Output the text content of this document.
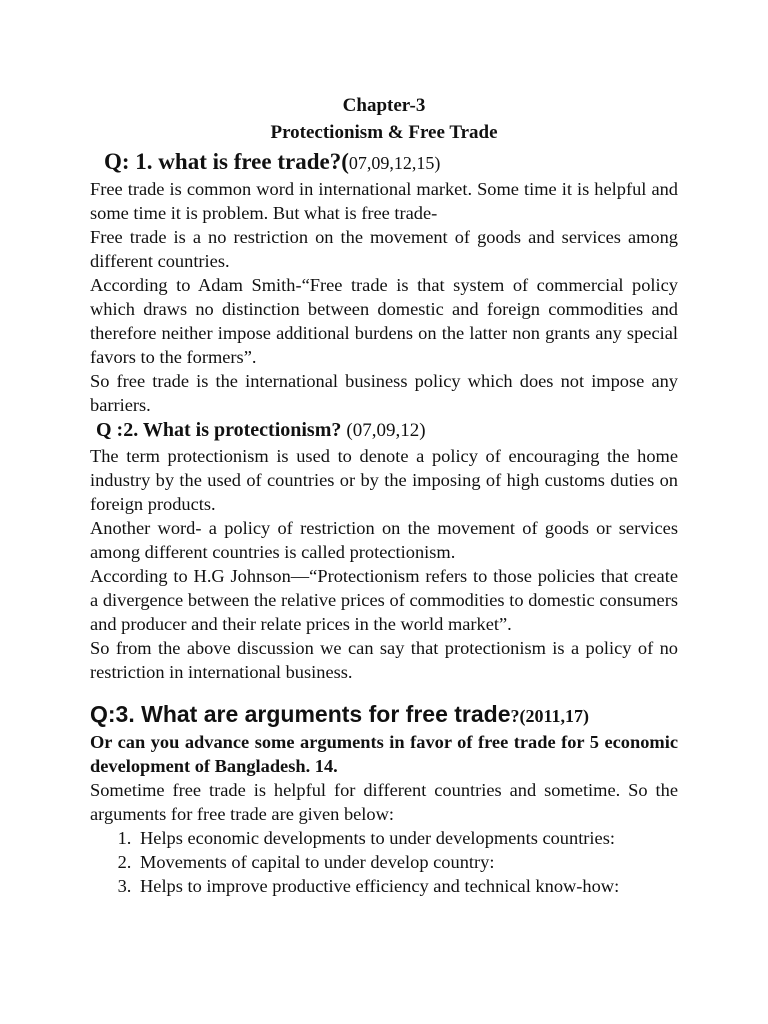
Chapter-3
Protectionism & Free Trade
Q: 1. what is free trade?(07,09,12,15)

Free trade is common word in international market. Some time it is helpful and some time it is problem. But what is free trade-

Free trade is a no restriction on the movement of goods and services among different countries.

According to Adam Smith-“Free trade is that system of commercial policy which draws no distinction between domestic and foreign commodities and therefore neither impose additional burdens on the latter non grants any special favors to the formers”.

So free trade is the international business policy which does not impose any barriers.

Q :2. What is protectionism? (07,09,12)

The term protectionism is used to denote a policy of encouraging the home industry by the used of countries or by the imposing of high customs duties on foreign products.

Another word- a policy of restriction on the movement of goods or services among different countries is called protectionism.

According to H.G Johnson—“Protectionism refers to those policies that create a divergence between the relative prices of commodities to domestic consumers and producer and their relate prices in the world market”.

So from the above discussion we can say that protectionism is a policy of no restriction in international business.

Q:3. What are arguments for free trade?(2011,17)

Or can you advance some arguments in favor of free trade for 5 economic development of Bangladesh. 14.

Sometime free trade is helpful for different countries and sometime. So the arguments for free trade are given below:

1. Helps economic developments to under developments countries:
2. Movements of capital to under develop country:
3. Helps to improve productive efficiency and technical know-how:
